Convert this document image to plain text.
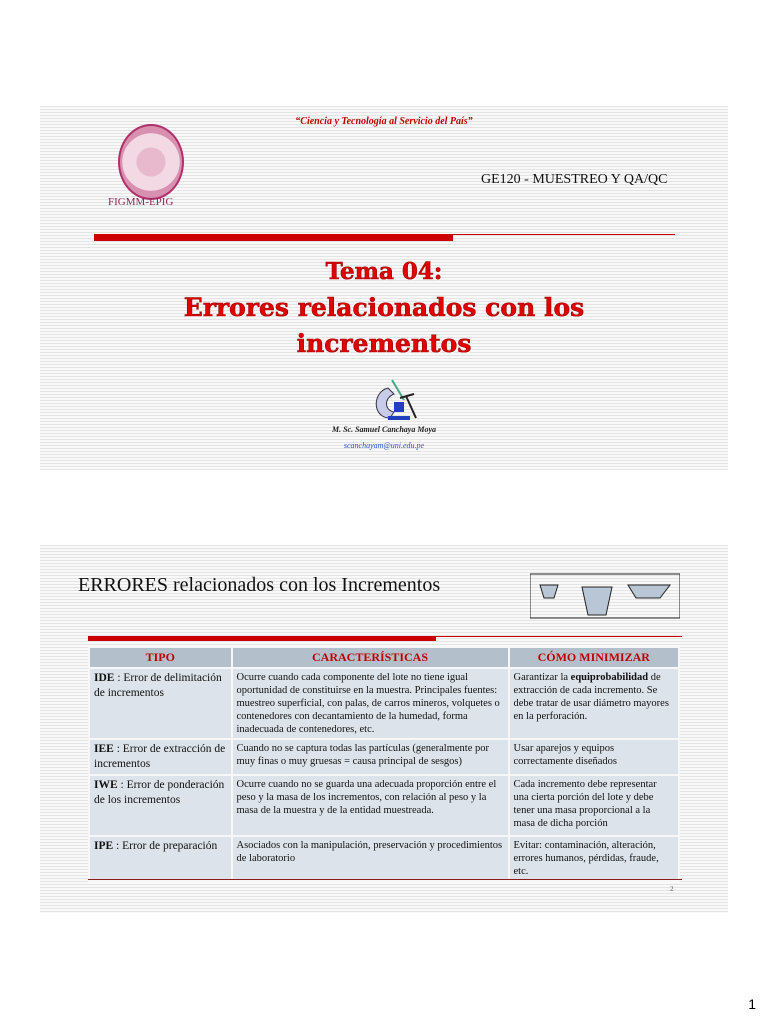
“Ciencia y Tecnología al Servicio del País”
FIGMM-EPIG
GE120 - MUESTREO Y QA/QC
Tema 04:
Errores relacionados con los
incrementos
M. Sc. Samuel Canchaya Moya
scanchayam@uni.edu.pe
ERRORES relacionados con los Incrementos
TIPO	CARACTERÍSTICAS	CÓMO MINIMIZAR
IDE : Error de delimitación de incrementos	Ocurre cuando cada componente del lote no tiene igual oportunidad de constituirse en la muestra. Principales fuentes: muestreo superficial, con palas, de carros mineros, volquetes o contenedores con decantamiento de la humedad, forma inadecuada de contenedores, etc.	Garantizar la equiprobabilidad de extracción de cada incremento. Se debe tratar de usar diámetro mayores en la perforación.
IEE : Error de extracción de incrementos	Cuando no se captura todas las partículas (generalmente por muy finas o muy gruesas = causa principal de sesgos)	Usar aparejos y equipos correctamente diseñados
IWE : Error de ponderación de los incrementos	Ocurre cuando no se guarda una adecuada proporción entre el peso y la masa de los incrementos, con relación al peso y la masa de la muestra y de la entidad muestreada.	Cada incremento debe representar una cierta porción del lote y debe tener una masa proporcional a la masa de dicha porción
IPE : Error de preparación	Asociados con la manipulación, preservación y procedimientos de laboratorio	Evitar: contaminación, alteración, errores humanos, pérdidas, fraude, etc.
2
1
